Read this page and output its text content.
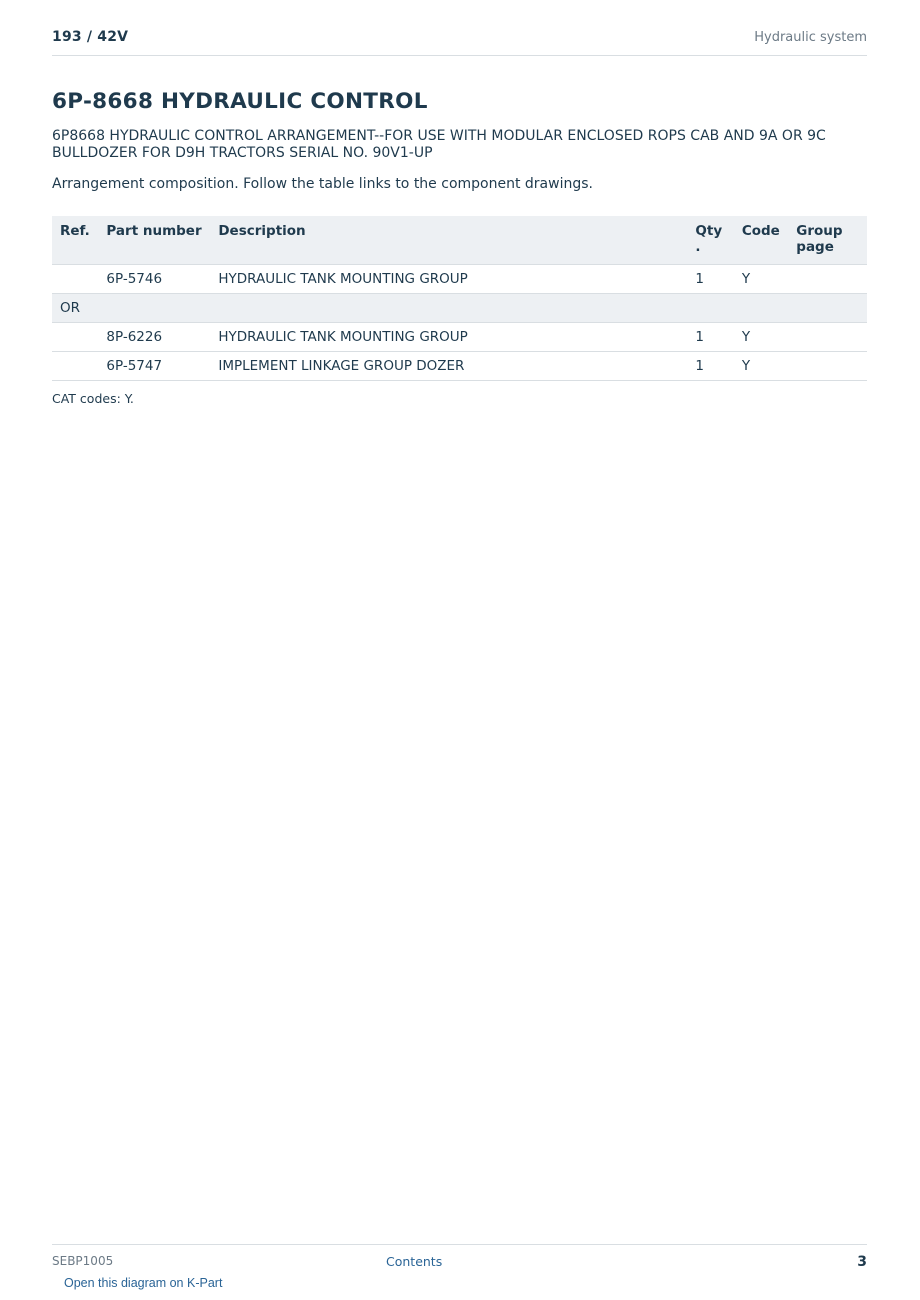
193 / 42V	Hydraulic system
6P-8668 HYDRAULIC CONTROL
6P8668 HYDRAULIC CONTROL ARRANGEMENT--FOR USE WITH MODULAR ENCLOSED ROPS CAB AND 9A OR 9C BULLDOZER FOR D9H TRACTORS SERIAL NO. 90V1-UP
Arrangement composition. Follow the table links to the component drawings.
Ref.	Part number	Description	Qty .	Code	Group page
	6P-5746	HYDRAULIC TANK MOUNTING GROUP	1	Y	
OR					
	8P-6226	HYDRAULIC TANK MOUNTING GROUP	1	Y	
	6P-5747	IMPLEMENT LINKAGE GROUP DOZER	1	Y	
CAT codes: Y.
SEBP1005	Contents	3
Open this diagram on K-Part
